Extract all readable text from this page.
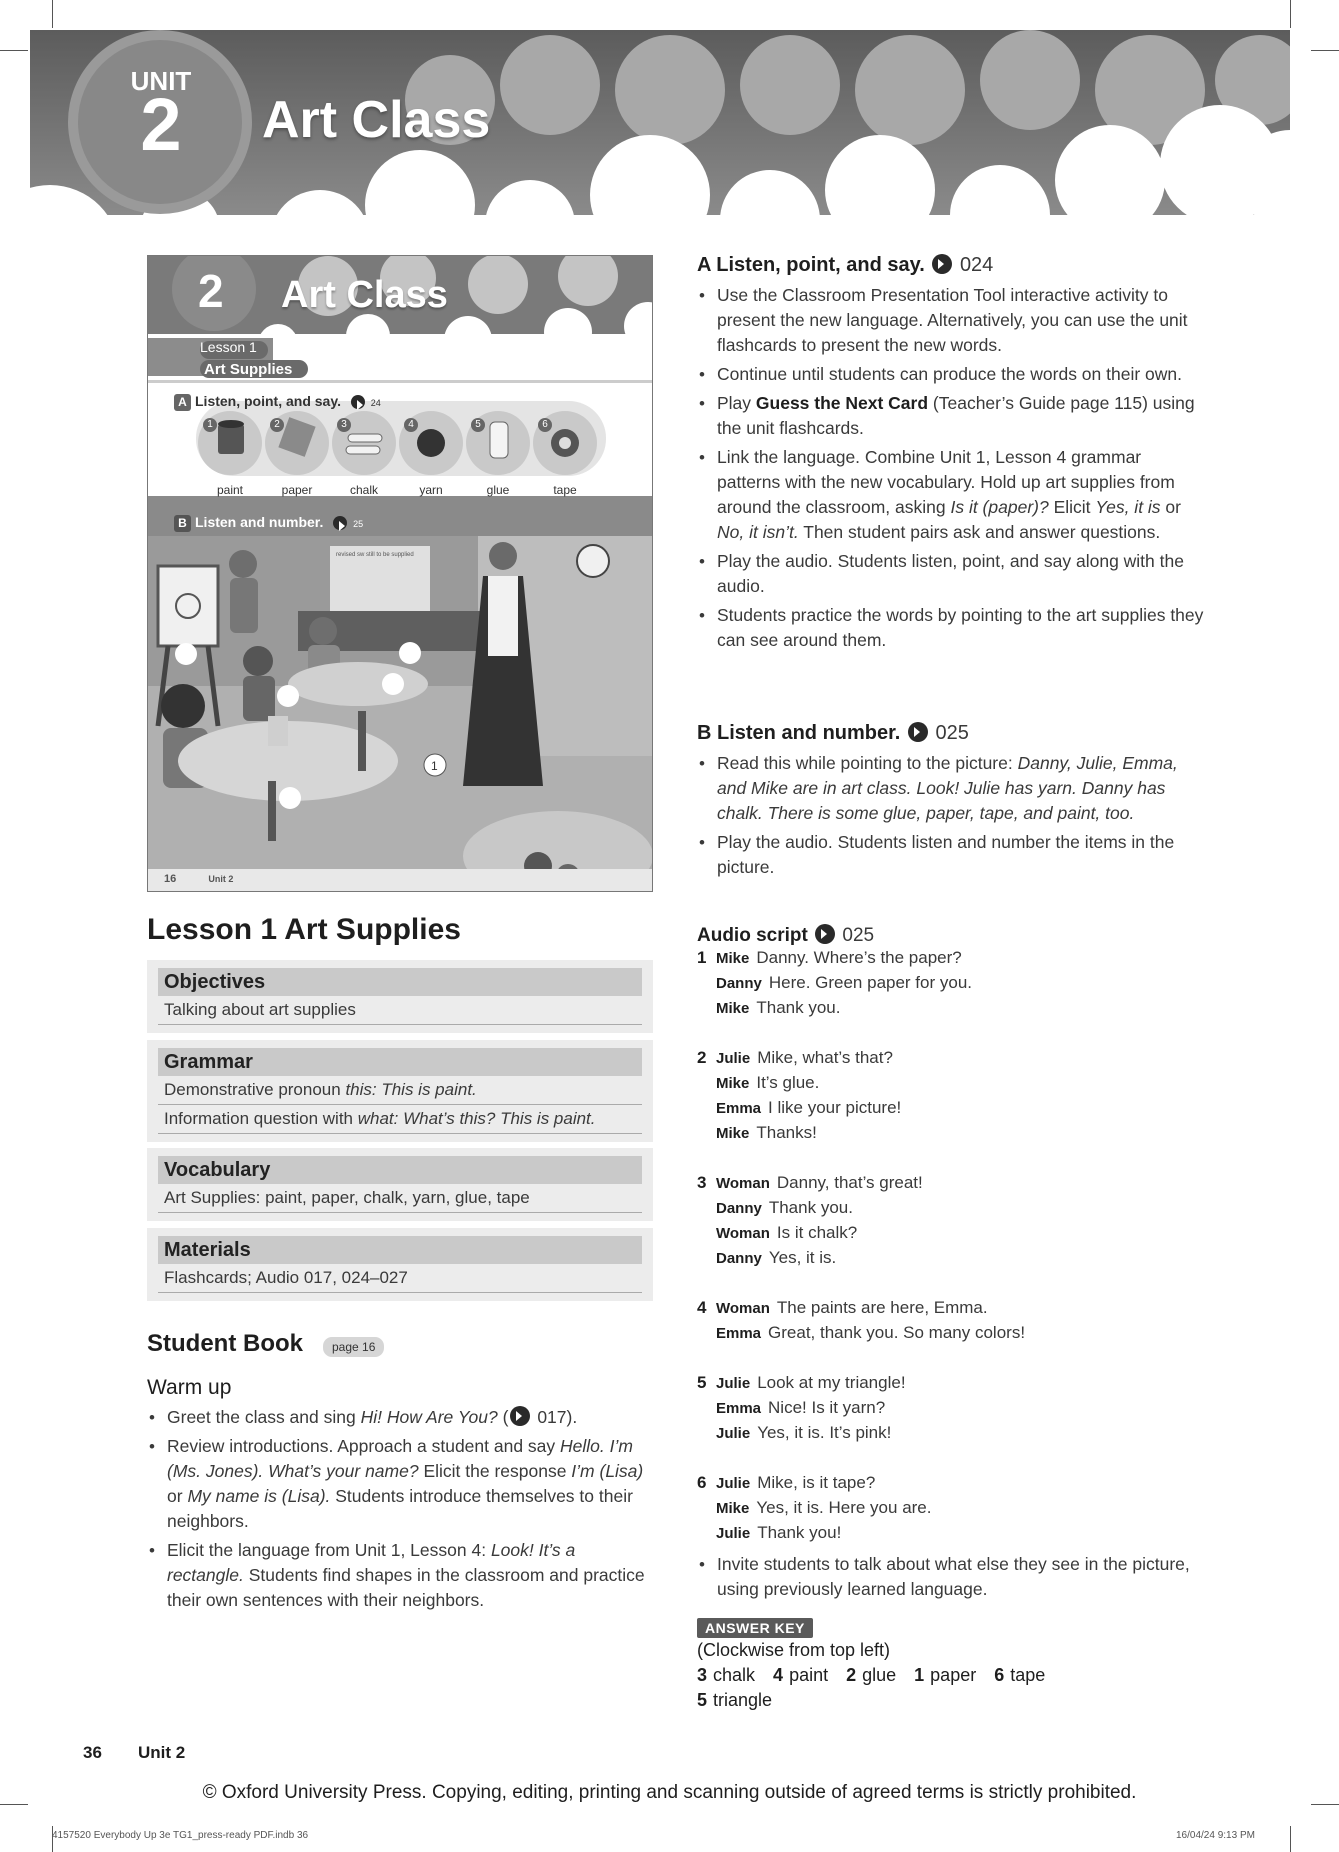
UNIT
2	Art Class
2 Art Class
Lesson 1
Art Supplies
A Listen, point, and say.	24
1	2	3	4	5	6
paint	paper	chalk	yarn	glue	tape
B Listen and number.	25
revised sw still to be supplied
1
16	Unit 2
Lesson 1 Art Supplies
Objectives
Talking about art supplies
Grammar
Demonstrative pronoun this: This is paint.
Information question with what: What’s this? This is paint.
Vocabulary
Art Supplies: paint, paper, chalk, yarn, glue, tape
Materials
Flashcards; Audio 017, 024–027
Student Book	page 16
Warm up
• Greet the class and sing Hi! How Are You? ( 017).
• Review introductions. Approach a student and say Hello. I’m (Ms. Jones). What’s your name? Elicit the response I’m (Lisa) or My name is (Lisa). Students introduce themselves to their neighbors.
• Elicit the language from Unit 1, Lesson 4: Look! It’s a rectangle. Students find shapes in the classroom and practice their own sentences with their neighbors.
A Listen, point, and say. 024
• Use the Classroom Presentation Tool interactive activity to present the new language. Alternatively, you can use the unit flashcards to present the new words.
• Continue until students can produce the words on their own.
• Play Guess the Next Card (Teacher’s Guide page 115) using the unit flashcards.
• Link the language. Combine Unit 1, Lesson 4 grammar patterns with the new vocabulary. Hold up art supplies from around the classroom, asking Is it (paper)? Elicit Yes, it is or No, it isn’t. Then student pairs ask and answer questions.
• Play the audio. Students listen, point, and say along with the audio.
• Students practice the words by pointing to the art supplies they can see around them.
B Listen and number. 025
• Read this while pointing to the picture: Danny, Julie, Emma, and Mike are in art class. Look! Julie has yarn. Danny has chalk. There is some glue, paper, tape, and paint, too.
• Play the audio. Students listen and number the items in the picture.
Audio script 025
1 Mike Danny. Where’s the paper?
Danny Here. Green paper for you.
Mike Thank you.
2 Julie Mike, what’s that?
Mike It’s glue.
Emma I like your picture!
Mike Thanks!
3 Woman Danny, that’s great!
Danny Thank you.
Woman Is it chalk?
Danny Yes, it is.
4 Woman The paints are here, Emma.
Emma Great, thank you. So many colors!
5 Julie Look at my triangle!
Emma Nice! Is it yarn?
Julie Yes, it is. It’s pink!
6 Julie Mike, is it tape?
Mike Yes, it is. Here you are.
Julie Thank you!
• Invite students to talk about what else they see in the picture, using previously learned language.
ANSWER KEY
(Clockwise from top left)
3 chalk 4 paint 2 glue 1 paper 6 tape
5 triangle
36 Unit 2
© Oxford University Press. Copying, editing, printing and scanning outside of agreed terms is strictly prohibited.
4157520 Everybody Up 3e TG1_press-ready PDF.indb 36	16/04/24 9:13 PM
